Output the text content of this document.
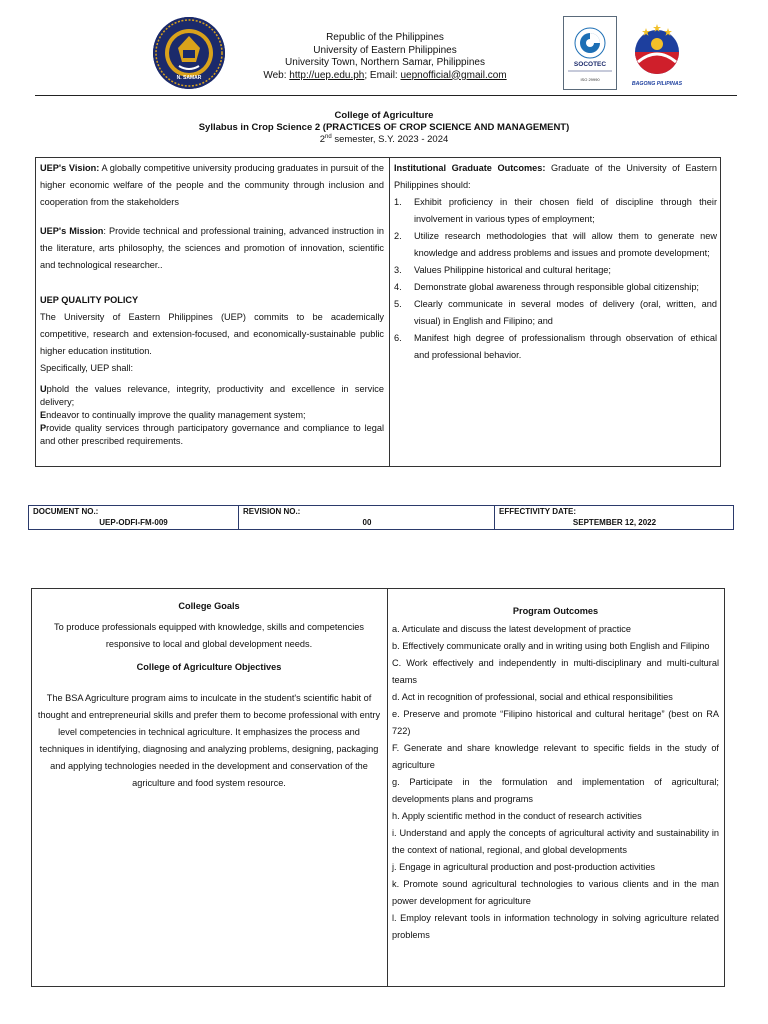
N. SAMAR
Republic of the Philippines
University of Eastern Philippines
University Town, Northern Samar, Philippines
Web: http://uep.edu.ph; Email: uepnofficial@gmail.com
SOCOTEC
ISO 29990
BAGONG PILIPINAS
College of Agriculture
Syllabus in Crop Science 2 (PRACTICES OF CROP SCIENCE AND MANAGEMENT)
2nd semester, S.Y. 2023 - 2024

UEP's Vision: A globally competitive university producing graduates in pursuit of the higher economic welfare of the people and the community through inclusion and cooperation from the stakeholders

UEP's Mission: Provide technical and professional training, advanced instruction in the literature, arts philosophy, the sciences and promotion of innovation, scientific and technological researcher..

UEP QUALITY POLICY

The University of Eastern Philippines (UEP) commits to be academically competitive, research and extension-focused, and economically-sustainable public higher education institution.

Specifically, UEP shall:

Uphold the values relevance, integrity, productivity and excellence in service delivery;

Endeavor to continually improve the quality management system;

Provide quality services through participatory governance and compliance to legal and other prescribed requirements.

Institutional Graduate Outcomes: Graduate of the University of Eastern Philippines should:

1.	Exhibit proficiency in their chosen field of discipline through their involvement in various types of employment;
2.	Utilize research methodologies that will allow them to generate new knowledge and address problems and issues and promote development;
3.	Values Philippine historical and cultural heritage;
4.	Demonstrate global awareness through responsible global citizenship;
5.	Clearly communicate in several modes of delivery (oral, written, and visual) in English and Filipino; and
6.	Manifest high degree of professionalism through observation of ethical and professional behavior.
DOCUMENT NO.:
UEP-ODFI-FM-009
REVISION NO.:
00
EFFECTIVITY DATE:
SEPTEMBER 12, 2022
College Goals

To produce professionals equipped with knowledge, skills and competencies responsive to local and global development needs.

College of Agriculture Objectives

The BSA Agriculture program aims to inculcate in the student's scientific habit of thought and entrepreneurial skills and prefer them to become professional with entry level competencies in technical agriculture. It emphasizes the process and techniques in identifying, diagnosing and analyzing problems, designing, packaging and applying technologies needed in the development and conservation of the agriculture and food system resource.

Program Outcomes

a. Articulate and discuss the latest development of practice

b. Effectively communicate orally and in writing using both English and Filipino

C. Work effectively and independently in multi-disciplinary and multi-cultural teams

d. Act in recognition of professional, social and ethical responsibilities

e. Preserve and promote “Filipino historical and cultural heritage” (best on RA 722)

F. Generate and share knowledge relevant to specific fields in the study of agriculture

g. Participate in the formulation and implementation of agricultural; developments plans and programs

h. Apply scientific method in the conduct of research activities

i. Understand and apply the concepts of agricultural activity and sustainability in the context of national, regional, and global developments

j. Engage in agricultural production and post-production activities

k. Promote sound agricultural technologies to various clients and in the man power development for agriculture

l. Employ relevant tools in information technology in solving agriculture related problems
